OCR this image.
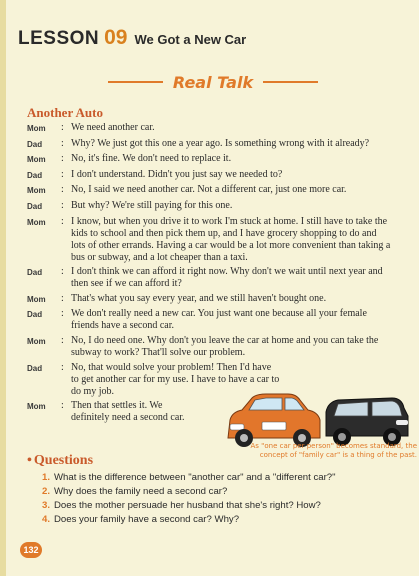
LESSON 09 We Got a New Car
Real Talk
Another Auto
Mom	: We need another car.
Dad	: Why? We just got this one a year ago. Is something wrong with it already?
Mom	: No, it's fine. We don't need to replace it.
Dad	: I don't understand. Didn't you just say we needed to?
Mom	: No, I said we need another car. Not a different car, just one more car.
Dad	: But why? We're still paying for this one.
Mom	: I know, but when you drive it to work I'm stuck at home. I still have to take the kids to school and then pick them up, and I have grocery shopping to do and lots of other errands. Having a car would be a lot more convenient than taking a bus or subway, and a lot cheaper than a taxi.
Dad	: I don't think we can afford it right now. Why don't we wait until next year and then see if we can afford it?
Mom	: That's what you say every year, and we still haven't bought one.
Dad	: We don't really need a new car. You just want one because all your female friends have a second car.
Mom	: No, I do need one. Why don't you leave the car at home and you can take the subway to work? That'll solve our problem.
Dad	: No, that would solve your problem! Then I'd have to get another car for my use. I have to have a car to do my job.
Mom	: Then that settles it. We definitely need a second car.
As "one car per person" becomes standard, the concept of "family car" is a thing of the past.
• Questions
1. What is the difference between "another car" and a "different car?"
2. Why does the family need a second car?
3. Does the mother persuade her husband that she's right? How?
4. Does your family have a second car? Why?
132
